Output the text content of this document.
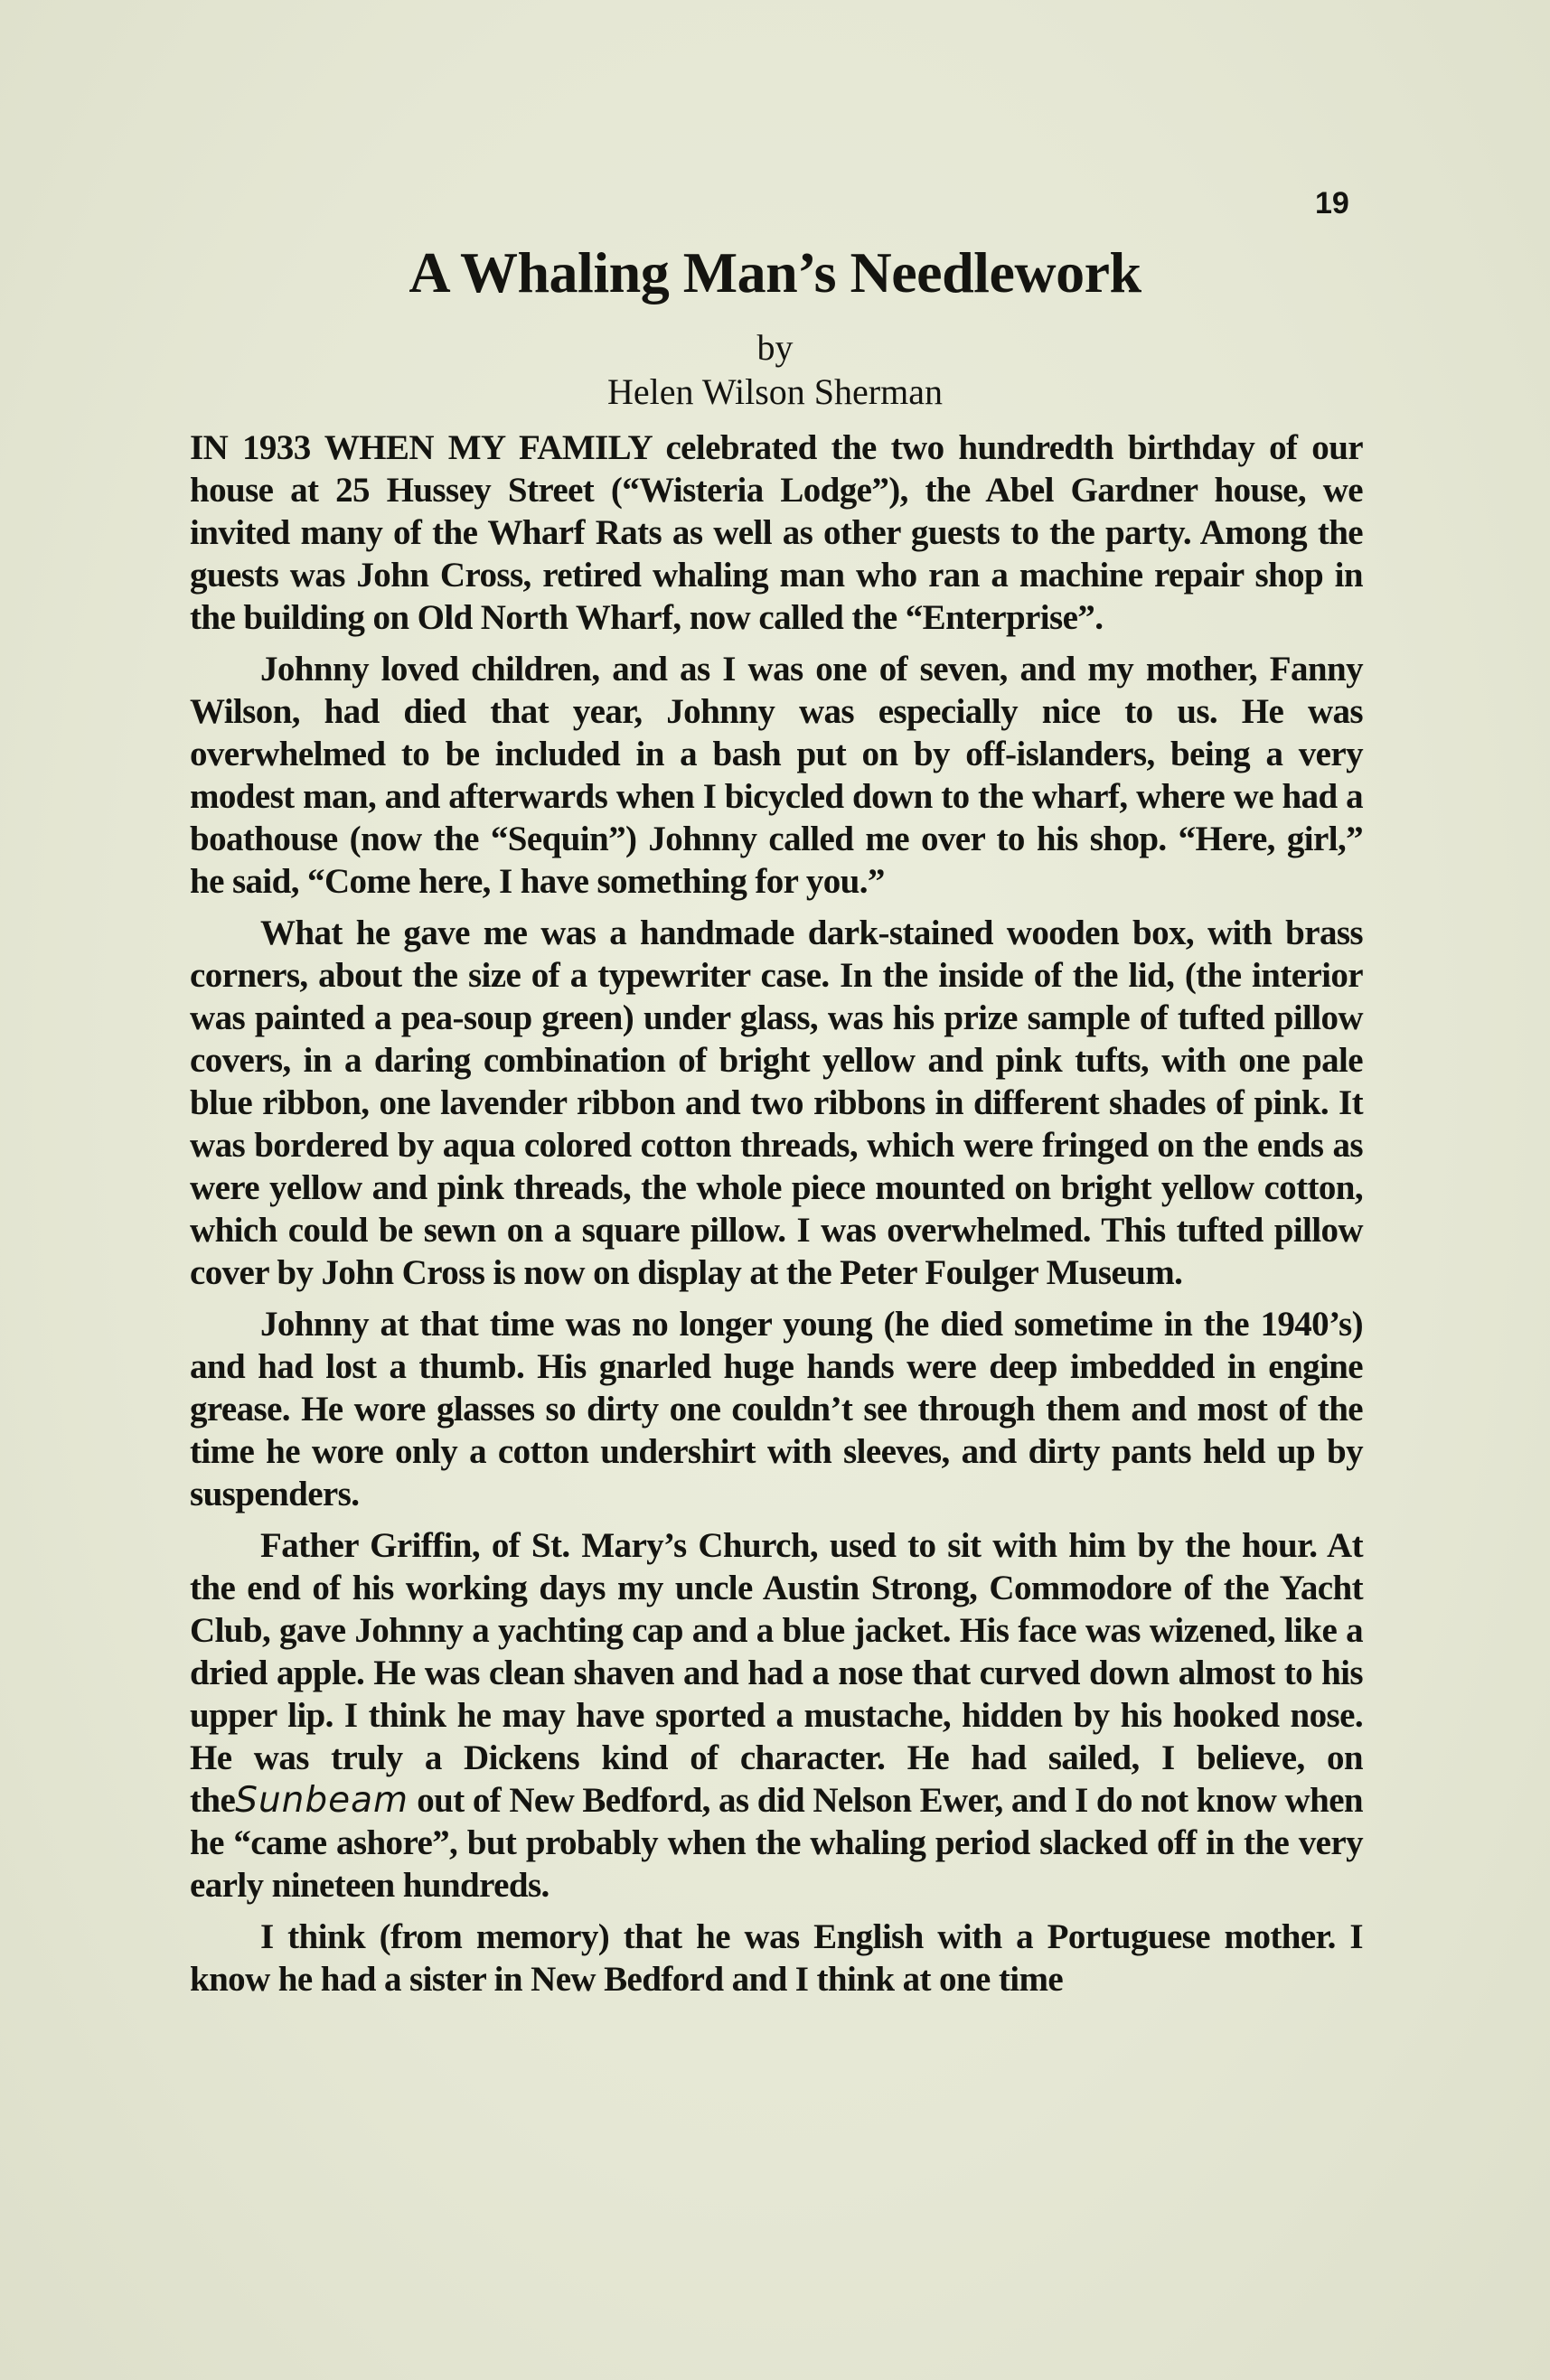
19
A Whaling Man’s Needlework
by
Helen Wilson Sherman

IN 1933 WHEN MY FAMILY celebrated the two hundredth birthday of our house at 25 Hussey Street (“Wisteria Lodge”), the Abel Gardner house, we invited many of the Wharf Rats as well as other guests to the party. Among the guests was John Cross, retired whaling man who ran a machine repair shop in the building on Old North Wharf, now called the “Enterprise”.

Johnny loved children, and as I was one of seven, and my mother, Fanny Wilson, had died that year, Johnny was especially nice to us. He was overwhelmed to be included in a bash put on by off-islanders, being a very modest man, and afterwards when I bicycled down to the wharf, where we had a boathouse (now the “Sequin”) Johnny called me over to his shop. “Here, girl,” he said, “Come here, I have something for you.”

What he gave me was a handmade dark-stained wooden box, with brass corners, about the size of a typewriter case. In the inside of the lid, (the interior was painted a pea-soup green) under glass, was his prize sample of tufted pillow covers, in a daring combination of bright yellow and pink tufts, with one pale blue ribbon, one lavender ribbon and two ribbons in different shades of pink. It was bordered by aqua colored cotton threads, which were fringed on the ends as were yellow and pink threads, the whole piece mounted on bright yellow cotton, which could be sewn on a square pillow. I was overwhelmed. This tufted pillow cover by John Cross is now on display at the Peter Foulger Museum.

Johnny at that time was no longer young (he died sometime in the 1940’s) and had lost a thumb. His gnarled huge hands were deep imbedded in engine grease. He wore glasses so dirty one couldn’t see through them and most of the time he wore only a cotton undershirt with sleeves, and dirty pants held up by suspenders.

Father Griffin, of St. Mary’s Church, used to sit with him by the hour. At the end of his working days my uncle Austin Strong, Commodore of the Yacht Club, gave Johnny a yachting cap and a blue jacket. His face was wizened, like a dried apple. He was clean shaven and had a nose that curved down almost to his upper lip. I think he may have sported a mustache, hidden by his hooked nose. He was truly a Dickens kind of character. He had sailed, I believe, on theSunbeam out of New Bedford, as did Nelson Ewer, and I do not know when he “came ashore”, but probably when the whaling period slacked off in the very early nineteen hundreds.

I think (from memory) that he was English with a Portuguese mother. I know he had a sister in New Bedford and I think at one time
